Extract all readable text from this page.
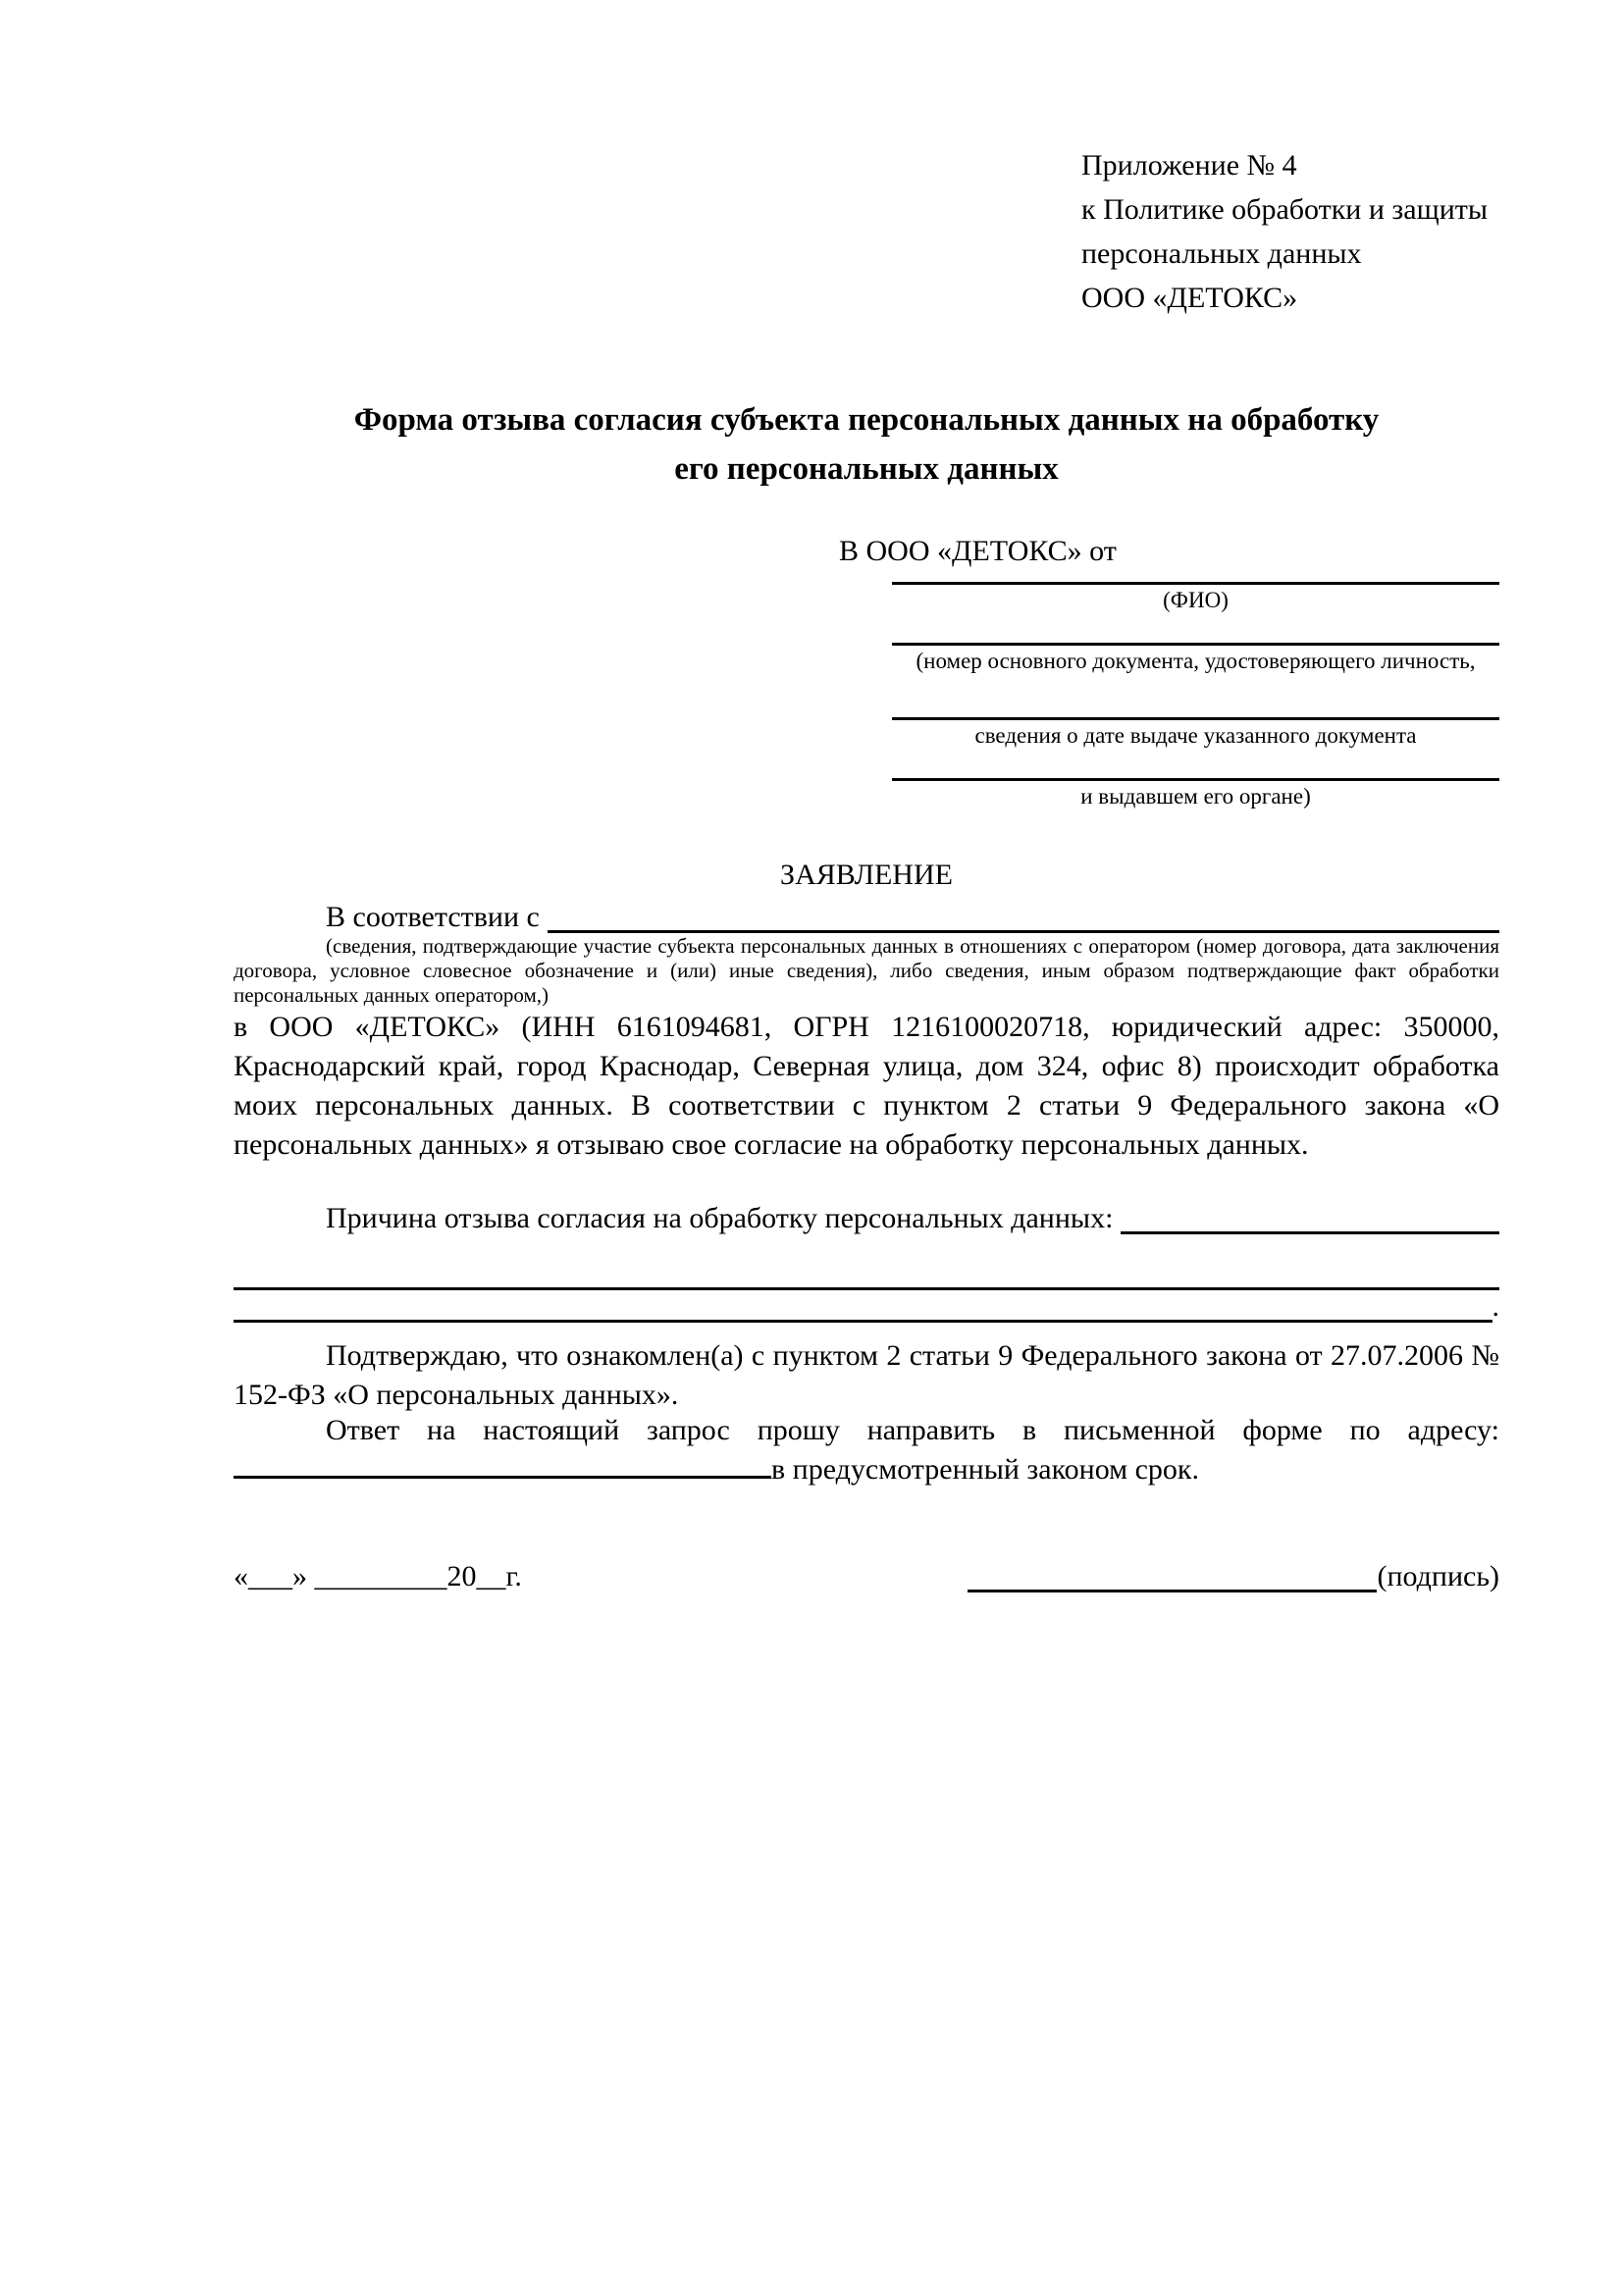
Приложение № 4
к Политике обработки и защиты
персональных данных
ООО «ДЕТОКС»
Форма отзыва согласия субъекта персональных данных на обработку
его персональных данных
В ООО «ДЕТОКС» от
(ФИО)
(номер основного документа, удостоверяющего личность,
сведения о дате выдаче указанного документа
и выдавшем его органе)
ЗАЯВЛЕНИЕ
В соответствии с
(сведения, подтверждающие участие субъекта персональных данных в отношениях с оператором (номер договора, дата заключения договора, условное словесное обозначение и (или) иные сведения), либо сведения, иным образом подтверждающие факт обработки персональных данных оператором,)
в ООО «ДЕТОКС» (ИНН 6161094681, ОГРН 1216100020718, юридический адрес: 350000, Краснодарский край, город Краснодар, Северная улица, дом 324, офис 8) происходит обработка моих персональных данных. В соответствии с пунктом 2 статьи 9 Федерального закона «О персональных данных» я отзываю свое согласие на обработку персональных данных.
Причина отзыва согласия на обработку персональных данных:
.
Подтверждаю, что ознакомлен(а) с пунктом 2 статьи 9 Федерального закона от 27.07.2006 № 152-ФЗ «О персональных данных».
Ответ на настоящий запрос прошу направить в письменной форме по адресу: в предусмотренный законом срок.
«___» _________20__г.	(подпись)
